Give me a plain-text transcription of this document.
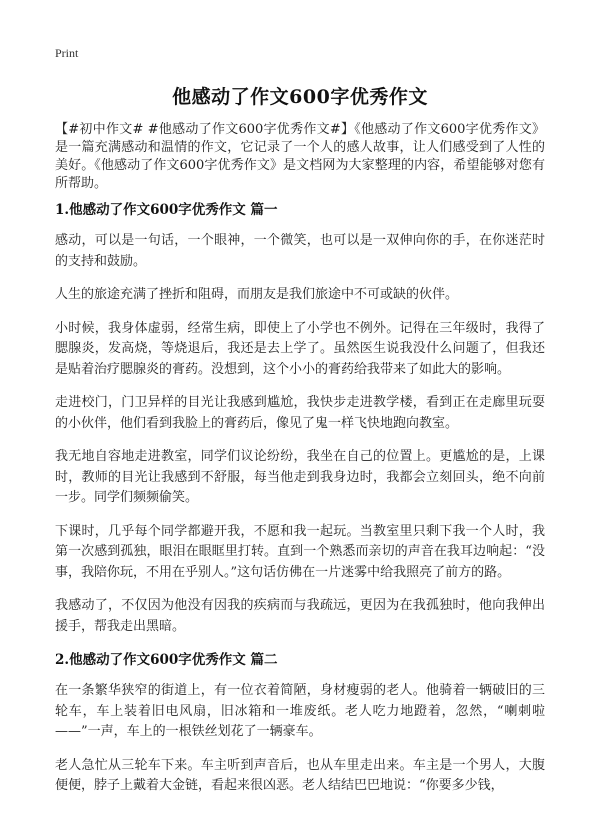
Print
他感动了作文600字优秀作文

【#初中作文# #他感动了作文600字优秀作文#】《他感动了作文600字优秀作文》是一篇充满感动和温情的作文，它记录了一个人的感人故事，让人们感受到了人性的美好。《他感动了作文600字优秀作文》是文档网为大家整理的内容，希望能够对您有所帮助。

1.他感动了作文600字优秀作文 篇一

感动，可以是一句话，一个眼神，一个微笑，也可以是一双伸向你的手，在你迷茫时的支持和鼓励。

人生的旅途充满了挫折和阻碍，而朋友是我们旅途中不可或缺的伙伴。

小时候，我身体虚弱，经常生病，即使上了小学也不例外。记得在三年级时，我得了腮腺炎，发高烧，等烧退后，我还是去上学了。虽然医生说我没什么问题了，但我还是贴着治疗腮腺炎的膏药。没想到，这个小小的膏药给我带来了如此大的影响。

走进校门，门卫异样的目光让我感到尴尬，我快步走进教学楼，看到正在走廊里玩耍的小伙伴，他们看到我脸上的膏药后，像见了鬼一样飞快地跑向教室。

我无地自容地走进教室，同学们议论纷纷，我坐在自己的位置上。更尴尬的是，上课时，教师的目光让我感到不舒服，每当他走到我身边时，我都会立刻回头，绝不向前一步。同学们频频偷笑。

下课时，几乎每个同学都避开我，不愿和我一起玩。当教室里只剩下我一个人时，我第一次感到孤独，眼泪在眼眶里打转。直到一个熟悉而亲切的声音在我耳边响起：“没事，我陪你玩，不用在乎别人。”这句话仿佛在一片迷雾中给我照亮了前方的路。

我感动了，不仅因为他没有因我的疾病而与我疏远，更因为在我孤独时，他向我伸出援手，帮我走出黑暗。

2.他感动了作文600字优秀作文 篇二

在一条繁华狭窄的街道上，有一位衣着简陋，身材瘦弱的老人。他骑着一辆破旧的三轮车，车上装着旧电风扇，旧冰箱和一堆废纸。老人吃力地蹬着，忽然，“喇刺啦——”一声，车上的一根铁丝划花了一辆豪车。

老人急忙从三轮车下来。车主听到声音后，也从车里走出来。车主是一个男人，大腹便便，脖子上戴着大金链，看起来很凶恶。老人结结巴巴地说：“你要多少钱，
